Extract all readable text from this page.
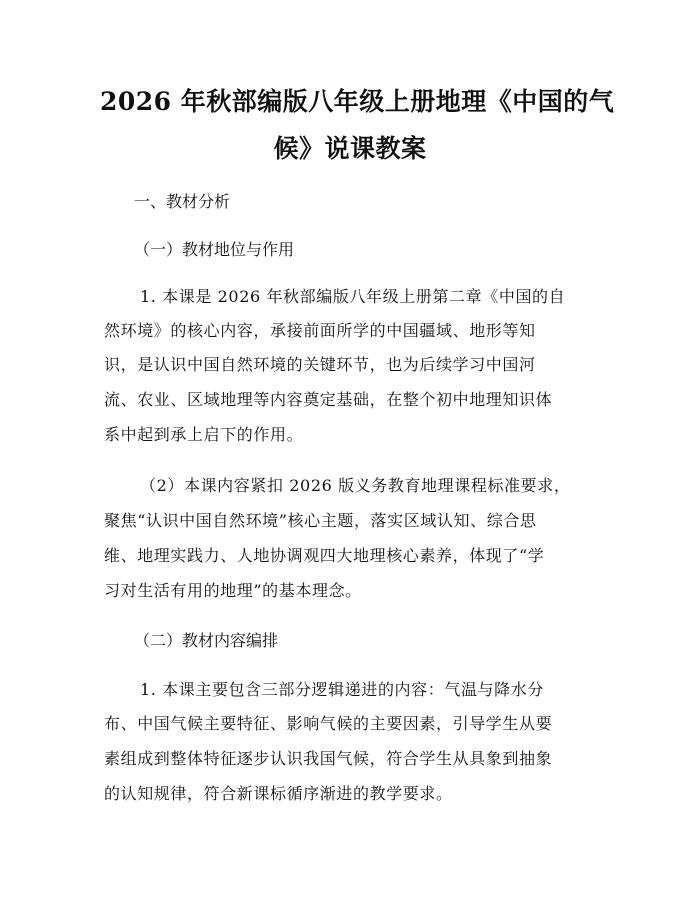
2026 年秋部编版八年级上册地理《中国的气
候》说课教案
一、教材分析
（一）教材地位与作用
1. 本课是 2026 年秋部编版八年级上册第二章《中国的自
然环境》的核心内容，承接前面所学的中国疆域、地形等知
识，是认识中国自然环境的关键环节，也为后续学习中国河
流、农业、区域地理等内容奠定基础，在整个初中地理知识体
系中起到承上启下的作用。
（2）本课内容紧扣 2026 版义务教育地理课程标准要求，
聚焦“认识中国自然环境”核心主题，落实区域认知、综合思
维、地理实践力、人地协调观四大地理核心素养，体现了“学
习对生活有用的地理”的基本理念。
（二）教材内容编排
1. 本课主要包含三部分逻辑递进的内容：气温与降水分
布、中国气候主要特征、影响气候的主要因素，引导学生从要
素组成到整体特征逐步认识我国气候，符合学生从具象到抽象
的认知规律，符合新课标循序渐进的教学要求。
